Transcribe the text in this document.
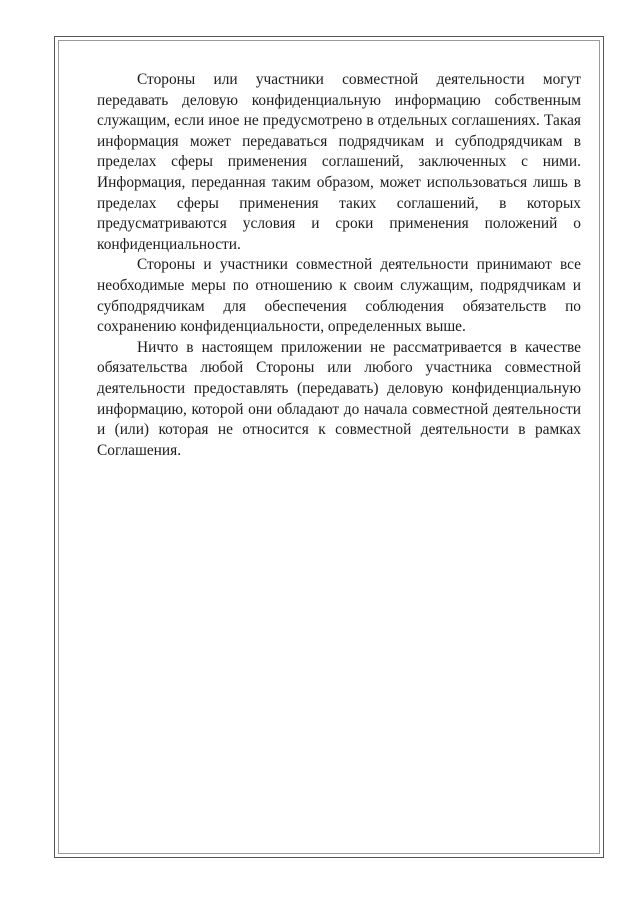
Стороны или участники совместной деятельности могут передавать деловую конфиденциальную информацию собственным служащим, если иное не предусмотрено в отдельных соглашениях. Такая информация может передаваться подрядчикам и субподрядчикам в пределах сферы применения соглашений, заключенных с ними. Информация, переданная таким образом, может использоваться лишь в пределах сферы применения таких соглашений, в которых предусматриваются условия и сроки применения положений о конфиденциальности.

Стороны и участники совместной деятельности принимают все необходимые меры по отношению к своим служащим, подрядчикам и субподрядчикам для обеспечения соблюдения обязательств по сохранению конфиденциальности, определенных выше.

Ничто в настоящем приложении не рассматривается в качестве обязательства любой Стороны или любого участника совместной деятельности предоставлять (передавать) деловую конфиденциальную информацию, которой они обладают до начала совместной деятельности и (или) которая не относится к совместной деятельности в рамках Соглашения.
